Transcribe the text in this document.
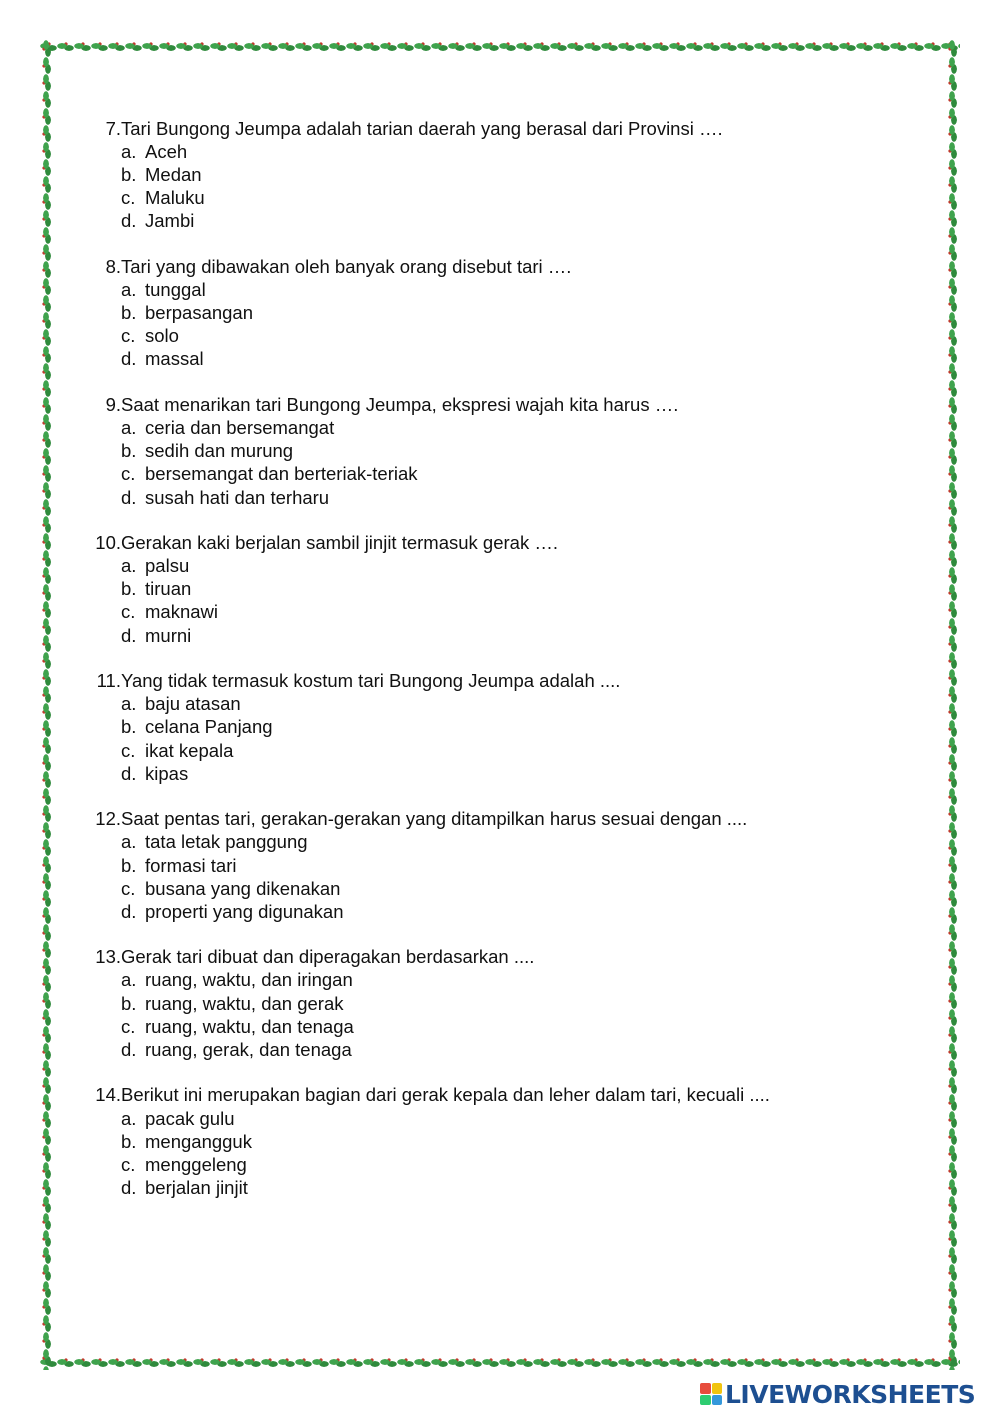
7. Tari Bungong Jeumpa adalah tarian daerah yang berasal dari Provinsi ….
a. Aceh
b. Medan
c. Maluku
d. Jambi
8. Tari yang dibawakan oleh banyak orang disebut tari ….
a. tunggal
b. berpasangan
c. solo
d. massal
9. Saat menarikan tari Bungong Jeumpa, ekspresi wajah kita harus ….
a. ceria dan bersemangat
b. sedih dan murung
c. bersemangat dan berteriak-teriak
d. susah hati dan terharu
10. Gerakan kaki berjalan sambil jinjit termasuk gerak ….
a. palsu
b. tiruan
c. maknawi
d. murni
11. Yang tidak termasuk kostum tari Bungong Jeumpa adalah ....
a. baju atasan
b. celana Panjang
c. ikat kepala
d. kipas
12. Saat pentas tari, gerakan-gerakan yang ditampilkan harus sesuai dengan ....
a. tata letak panggung
b. formasi tari
c. busana yang dikenakan
d. properti yang digunakan
13. Gerak tari dibuat dan diperagakan berdasarkan ....
a. ruang, waktu, dan iringan
b. ruang, waktu, dan gerak
c. ruang, waktu, dan tenaga
d. ruang, gerak, dan tenaga
14. Berikut ini merupakan bagian dari gerak kepala dan leher dalam tari, kecuali ....
a. pacak gulu
b. mengangguk
c. menggeleng
d. berjalan jinjit
LIVEWORKSHEETS
